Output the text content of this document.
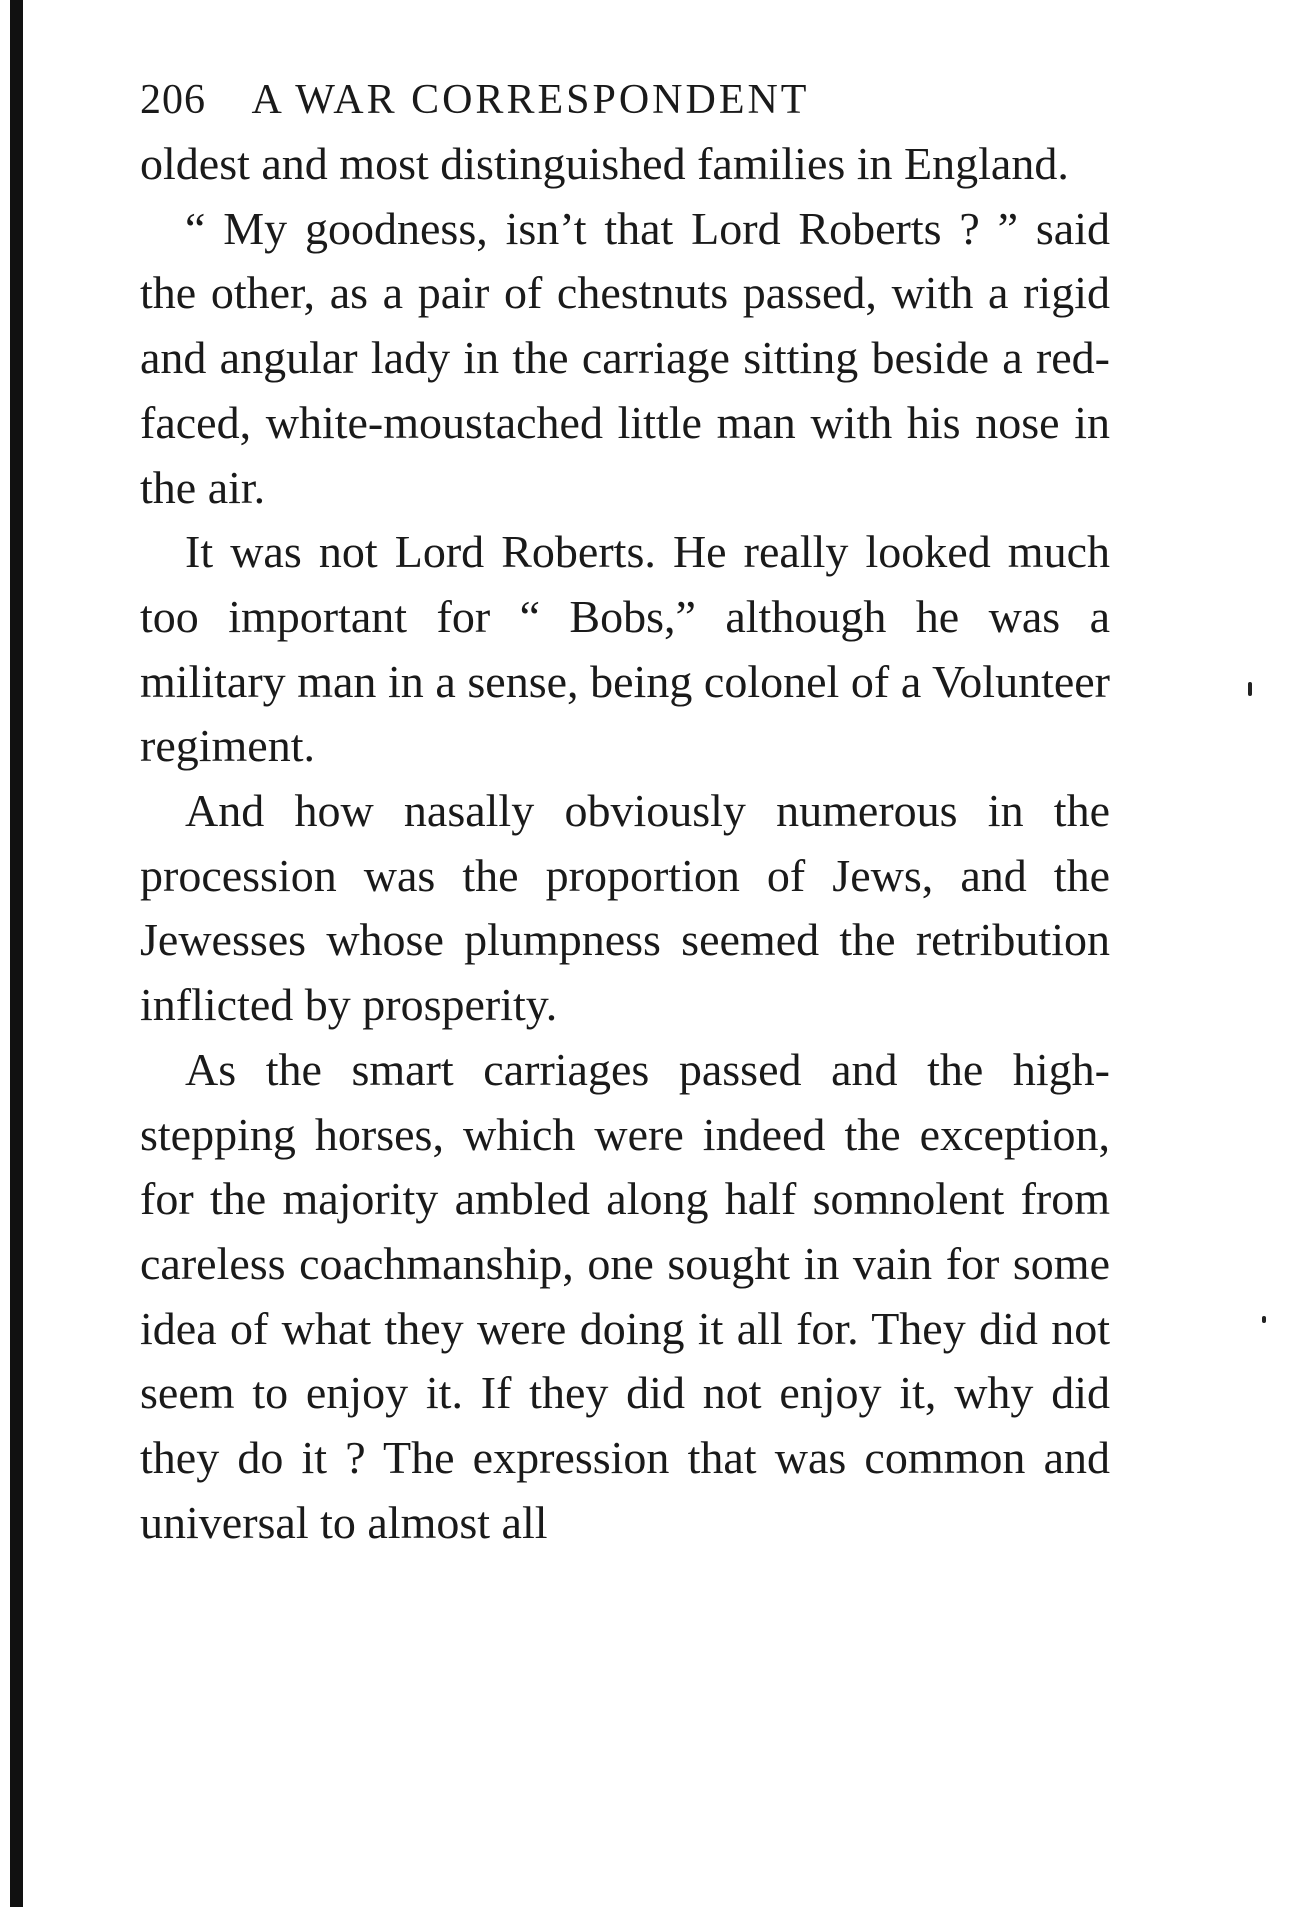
206 A WAR CORRESPONDENT

oldest and most distinguished families in England.

“ My goodness, isn’t that Lord Roberts ? ” said the other, as a pair of chestnuts passed, with a rigid and angular lady in the carriage sitting beside a red-faced, white-moustached little man with his nose in the air.

It was not Lord Roberts. He really looked much too important for “ Bobs,” although he was a military man in a sense, being colonel of a Volunteer regiment.

And how nasally obviously numerous in the procession was the proportion of Jews, and the Jewesses whose plumpness seemed the retribution inflicted by prosperity.

As the smart carriages passed and the high-stepping horses, which were indeed the exception, for the majority ambled along half somnolent from careless coachmanship, one sought in vain for some idea of what they were doing it all for. They did not seem to enjoy it. If they did not enjoy it, why did they do it ? The expression that was common and universal to almost all
